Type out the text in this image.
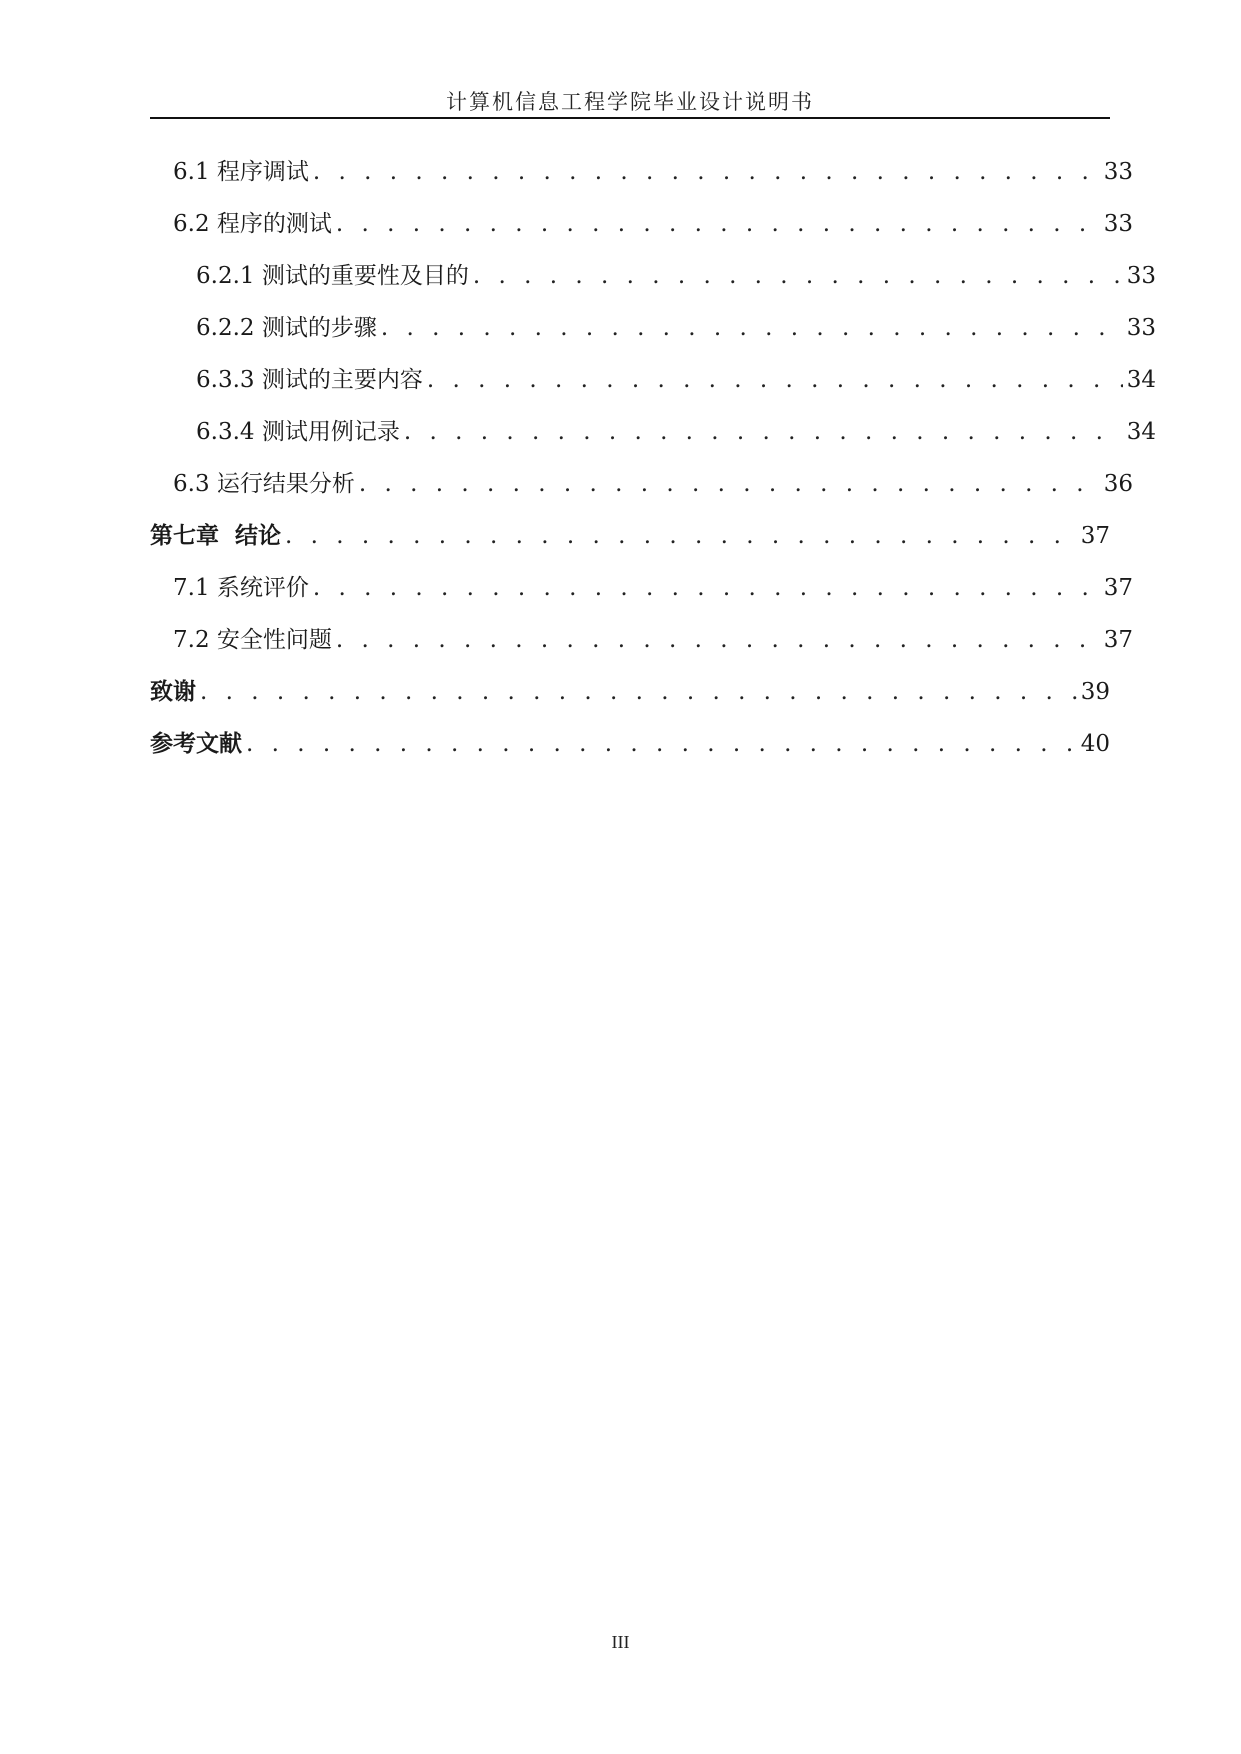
计算机信息工程学院毕业设计说明书
6.1 程序调试 . . .	33
6.2 程序的测试 . . .	33
6.2.1 测试的重要性及目的 . . .	33
6.2.2 测试的步骤 . . .	33
6.3.3 测试的主要内容 . . .	34
6.3.4 测试用例记录 . . .	34
6.3 运行结果分析 . . .	36
第七章  结论 . . .	37
7.1 系统评价 . . .	37
7.2 安全性问题 . . .	37
致谢 . . .	39
参考文献 . . .	40
III
